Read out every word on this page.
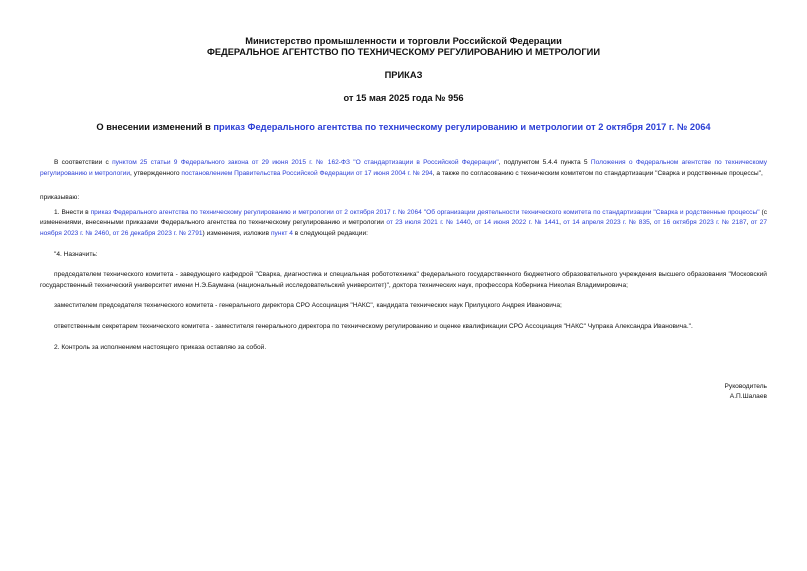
Министерство промышленности и торговли Российской Федерации
ФЕДЕРАЛЬНОЕ АГЕНТСТВО ПО ТЕХНИЧЕСКОМУ РЕГУЛИРОВАНИЮ И МЕТРОЛОГИИ
ПРИКАЗ
от 15 мая 2025 года № 956
О внесении изменений в приказ Федерального агентства по техническому регулированию и метрологии от 2 октября 2017 г. № 2064

В соответствии с пунктом 25 статьи 9 Федерального закона от 29 июня 2015 г. № 162-ФЗ "О стандартизации в Российской Федерации", подпунктом 5.4.4 пункта 5 Положения о Федеральном агентстве по техническому регулированию и метрологии, утвержденного постановлением Правительства Российской Федерации от 17 июня 2004 г. № 294, а также по согласованию с техническим комитетом по стандартизации "Сварка и родственные процессы",

приказываю:

1. Внести в приказ Федерального агентства по техническому регулированию и метрологии от 2 октября 2017 г. № 2064 "Об организации деятельности технического комитета по стандартизации "Сварка и родственные процессы" (с изменениями, внесенными приказами Федерального агентства по техническому регулированию и метрологии от 23 июля 2021 г. № 1440, от 14 июня 2022 г. № 1441, от 14 апреля 2023 г. № 835, от 16 октября 2023 г. № 2187, от 27 ноября 2023 г. № 2460, от 26 декабря 2023 г. № 2791) изменения, изложив пункт 4 в следующей редакции:

"4. Назначить:

председателем технического комитета - заведующего кафедрой "Сварка, диагностика и специальная робототехника" федерального государственного бюджетного образовательного учреждения высшего образования "Московский государственный технический университет имени Н.Э.Баумана (национальный исследовательский университет)", доктора технических наук, профессора Коберника Николая Владимировича;

заместителем председателя технического комитета - генерального директора СРО Ассоциация "НАКС", кандидата технических наук Прилуцкого Андрея Ивановича;

ответственным секретарем технического комитета - заместителя генерального директора по техническому регулированию и оценке квалификации СРО Ассоциация "НАКС" Чупрака Александра Ивановича.".

2. Контроль за исполнением настоящего приказа оставляю за собой.

Руководитель
А.П.Шалаев
